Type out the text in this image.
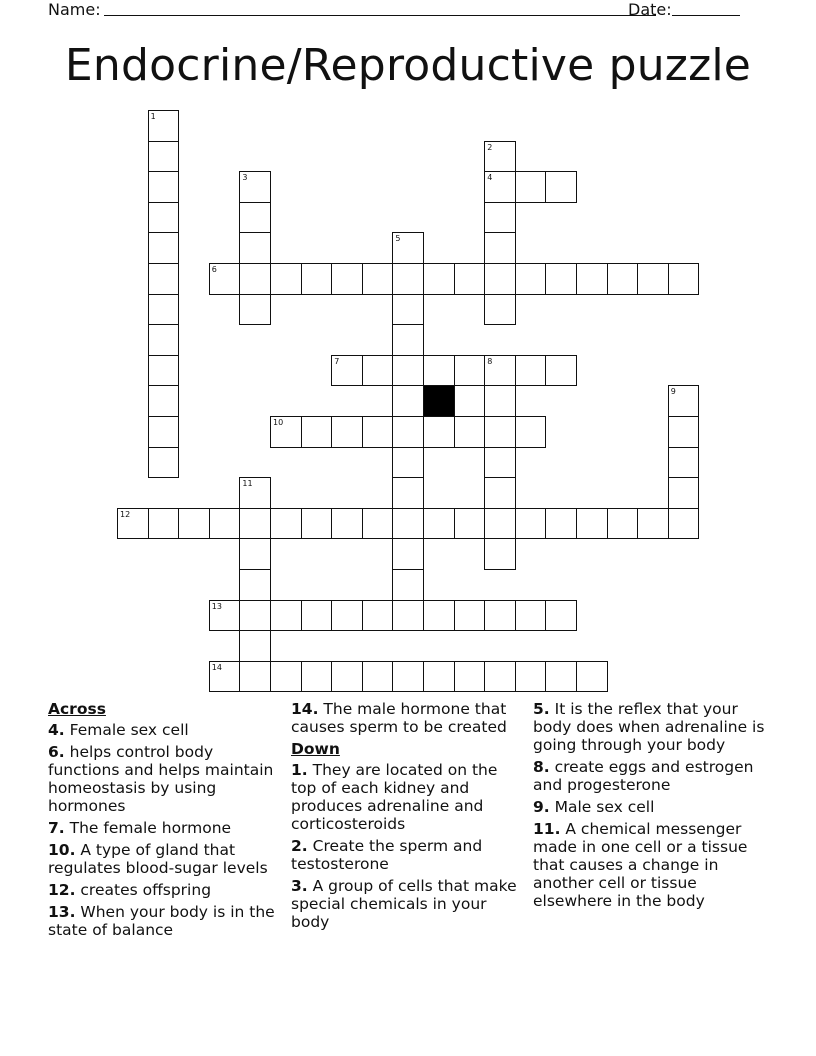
Name:	Date:
Endocrine/Reproductive puzzle
1
2
4
3
5
6
7	8
9
10
11
12
13
14
Across
4. Female sex cell
6. helps control body functions and helps maintain homeostasis by using hormones
7. The female hormone
10. A type of gland that regulates blood-sugar levels
12. creates offspring
13. When your body is in the state of balance
14. The male hormone that causes sperm to be created
Down
1. They are located on the top of each kidney and produces adrenaline and corticosteroids
2. Create the sperm and testosterone
3. A group of cells that make special chemicals in your body
5. It is the reflex that your body does when adrenaline is going through your body
8. create eggs and estrogen and progesterone
9. Male sex cell
11. A chemical messenger made in one cell or a tissue that causes a change in another cell or tissue elsewhere in the body
